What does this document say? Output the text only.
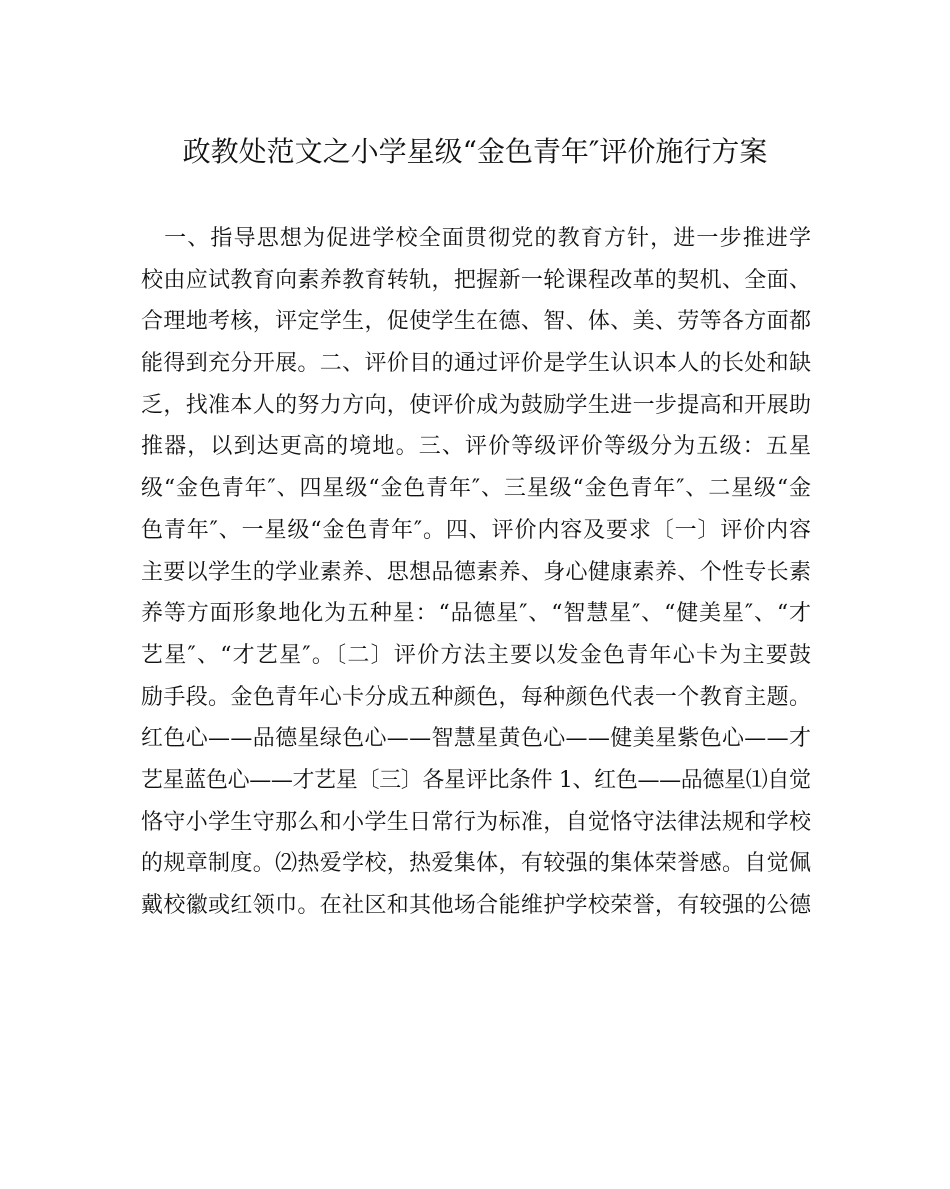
政教处范文之小学星级“金色青年″评价施行方案
　一、指导思想为促进学校全面贯彻党的教育方针，进一步推进学
校由应试教育向素养教育转轨，把握新一轮课程改革的契机、全面、
合理地考核，评定学生，促使学生在德、智、体、美、劳等各方面都
能得到充分开展。二、评价目的通过评价是学生认识本人的长处和缺
乏，找准本人的努力方向，使评价成为鼓励学生进一步提高和开展助
推器，以到达更高的境地。三、评价等级评价等级分为五级：五星
级“金色青年″、四星级“金色青年″、三星级“金色青年″、二星级“金
色青年″、一星级“金色青年″。四、评价内容及要求〔一〕评价内容
主要以学生的学业素养、思想品德素养、身心健康素养、个性专长素
养等方面形象地化为五种星：“品德星″、“智慧星″、“健美星″、“才
艺星″、“才艺星″。〔二〕评价方法主要以发金色青年心卡为主要鼓
励手段。金色青年心卡分成五种颜色，每种颜色代表一个教育主题。
红色心——品德星绿色心——智慧星黄色心——健美星紫色心——才
艺星蓝色心——才艺星〔三〕各星评比条件 1、红色——品德星⑴自觉
恪守小学生守那么和小学生日常行为标准，自觉恪守法律法规和学校
的规章制度。⑵热爱学校，热爱集体，有较强的集体荣誉感。自觉佩
戴校徽或红领巾。在社区和其他场合能维护学校荣誉，有较强的公德
